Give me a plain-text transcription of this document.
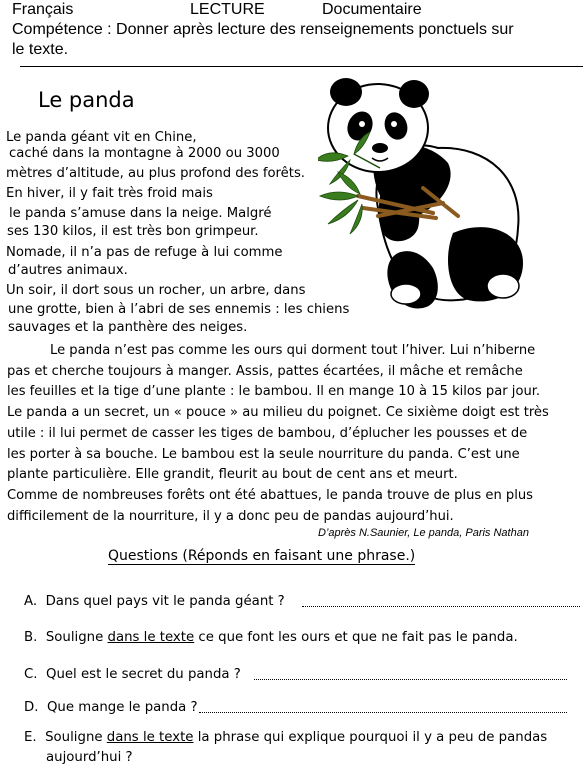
Français	LECTURE	Documentaire
Compétence : Donner après lecture des renseignements ponctuels sur
le texte.
Le panda
Le panda géant vit en Chine,
caché dans la montagne à 2000 ou 3000
mètres d’altitude, au plus profond des forêts.
En hiver, il y fait très froid mais
le panda s’amuse dans la neige. Malgré
ses 130 kilos, il est très bon grimpeur.
Nomade, il n’a pas de refuge à lui comme
d’autres animaux.
Un soir, il dort sous un rocher, un arbre, dans
une grotte, bien à l’abri de ses ennemis : les chiens
sauvages et la panthère des neiges.
Le panda n’est pas comme les ours qui dorment tout l’hiver. Lui n’hiberne
pas et cherche toujours à manger. Assis, pattes écartées, il mâche et remâche
les feuilles et la tige d’une plante : le bambou. Il en mange 10 à 15 kilos par jour.
Le panda a un secret, un « pouce » au milieu du poignet. Ce sixième doigt est très
utile : il lui permet de casser les tiges de bambou, d’éplucher les pousses et de
les porter à sa bouche. Le bambou est la seule nourriture du panda. C’est une
plante particulière. Elle grandit, fleurit au bout de cent ans et meurt.
Comme de nombreuses forêts ont été abattues, le panda trouve de plus en plus
difficilement de la nourriture, il y a donc peu de pandas aujourd’hui.
D’après N.Saunier, Le panda, Paris Nathan
Questions (Réponds en faisant une phrase.)
A. Dans quel pays vit le panda géant ?
B. Souligne dans le texte ce que font les ours et que ne fait pas le panda.
C. Quel est le secret du panda ?
D. Que mange le panda ?
E. Souligne dans le texte la phrase qui explique pourquoi il y a peu de pandas
aujourd’hui ?
